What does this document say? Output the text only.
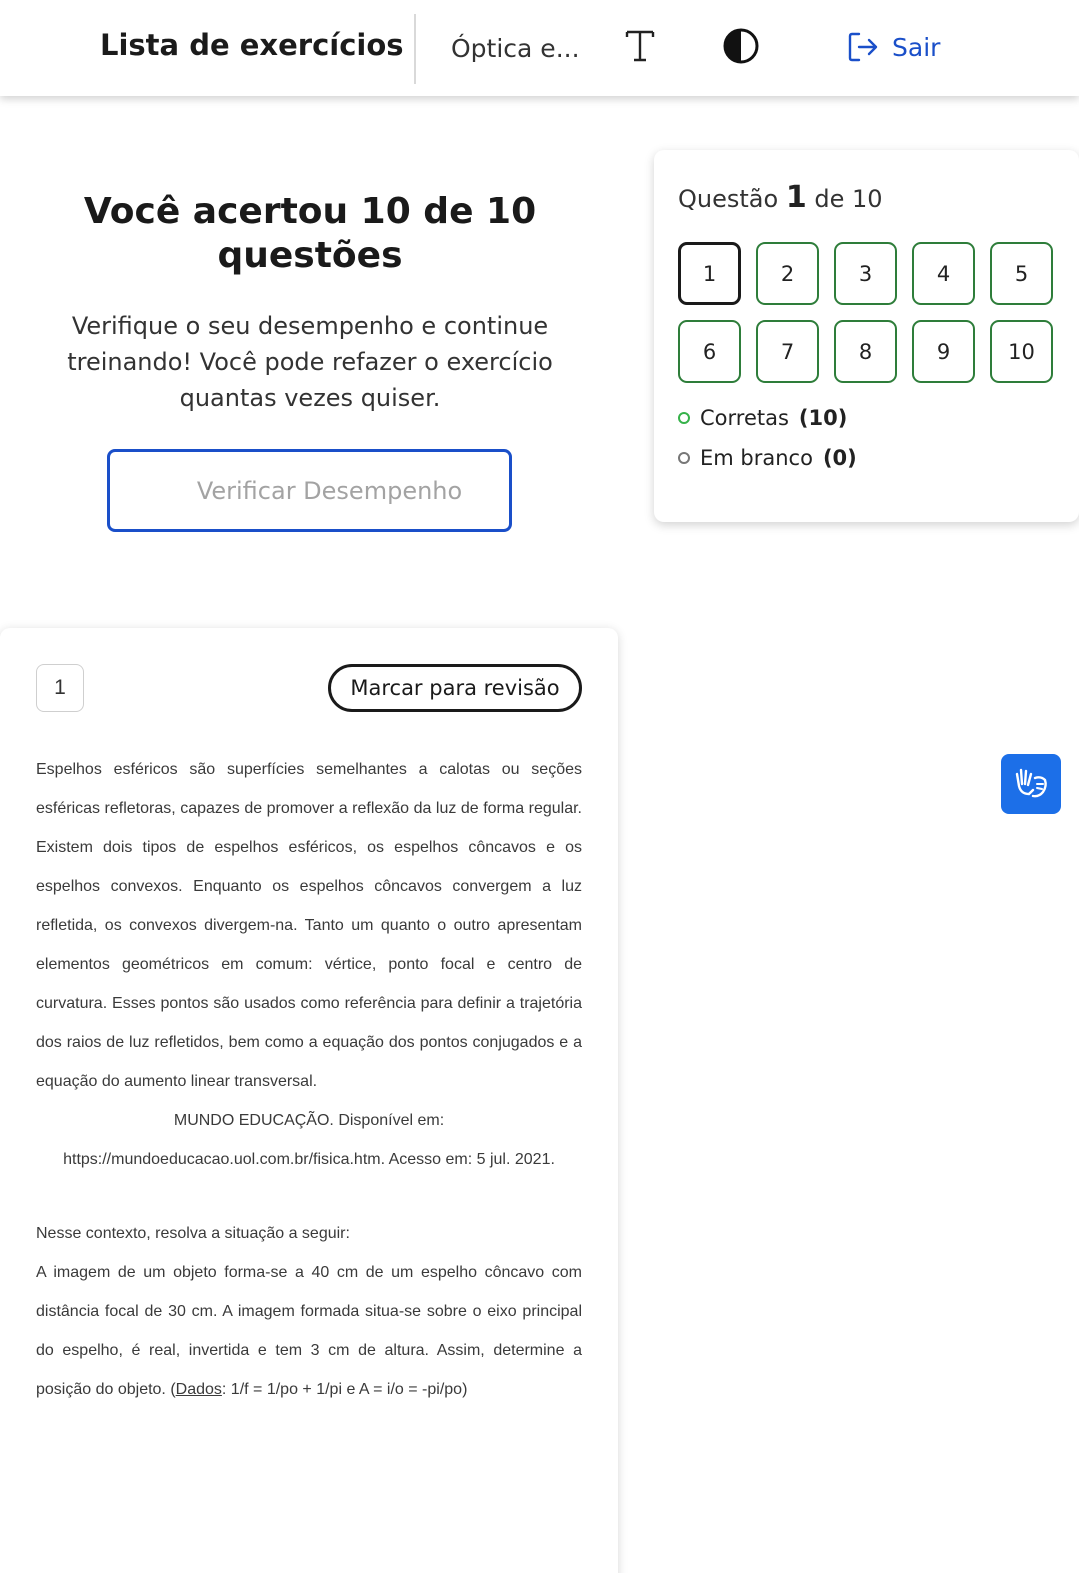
Lista de exercícios Óptica e...	Sair
Você acertou 10 de 10 questões

Verifique o seu desempenho e continue treinando! Você pode refazer o exercício quantas vezes quiser.

Verificar Desempenho
Questão 1 de 10
1	2	3	4	5
6	7	8	9	10
Corretas (10)
Em branco (0)
1	Marcar para revisão
Espelhos esféricos são superfícies semelhantes a calotas ou seções esféricas refletoras, capazes de promover a reflexão da luz de forma regular. Existem dois tipos de espelhos esféricos, os espelhos côncavos e os espelhos convexos. Enquanto os espelhos côncavos convergem a luz refletida, os convexos divergem-na. Tanto um quanto o outro apresentam elementos geométricos em comum: vértice, ponto focal e centro de curvatura. Esses pontos são usados como referência para definir a trajetória dos raios de luz refletidos, bem como a equação dos pontos conjugados e a equação do aumento linear transversal.
MUNDO EDUCAÇÃO. Disponível em:
https://mundoeducacao.uol.com.br/fisica.htm. Acesso em: 5 jul. 2021.
Nesse contexto, resolva a situação a seguir:
A imagem de um objeto forma-se a 40 cm de um espelho côncavo com distância focal de 30 cm. A imagem formada situa-se sobre o eixo principal do espelho, é real, invertida e tem 3 cm de altura. Assim, determine a posição do objeto. (Dados: 1/f = 1/po + 1/pi e A = i/o = -pi/po)
